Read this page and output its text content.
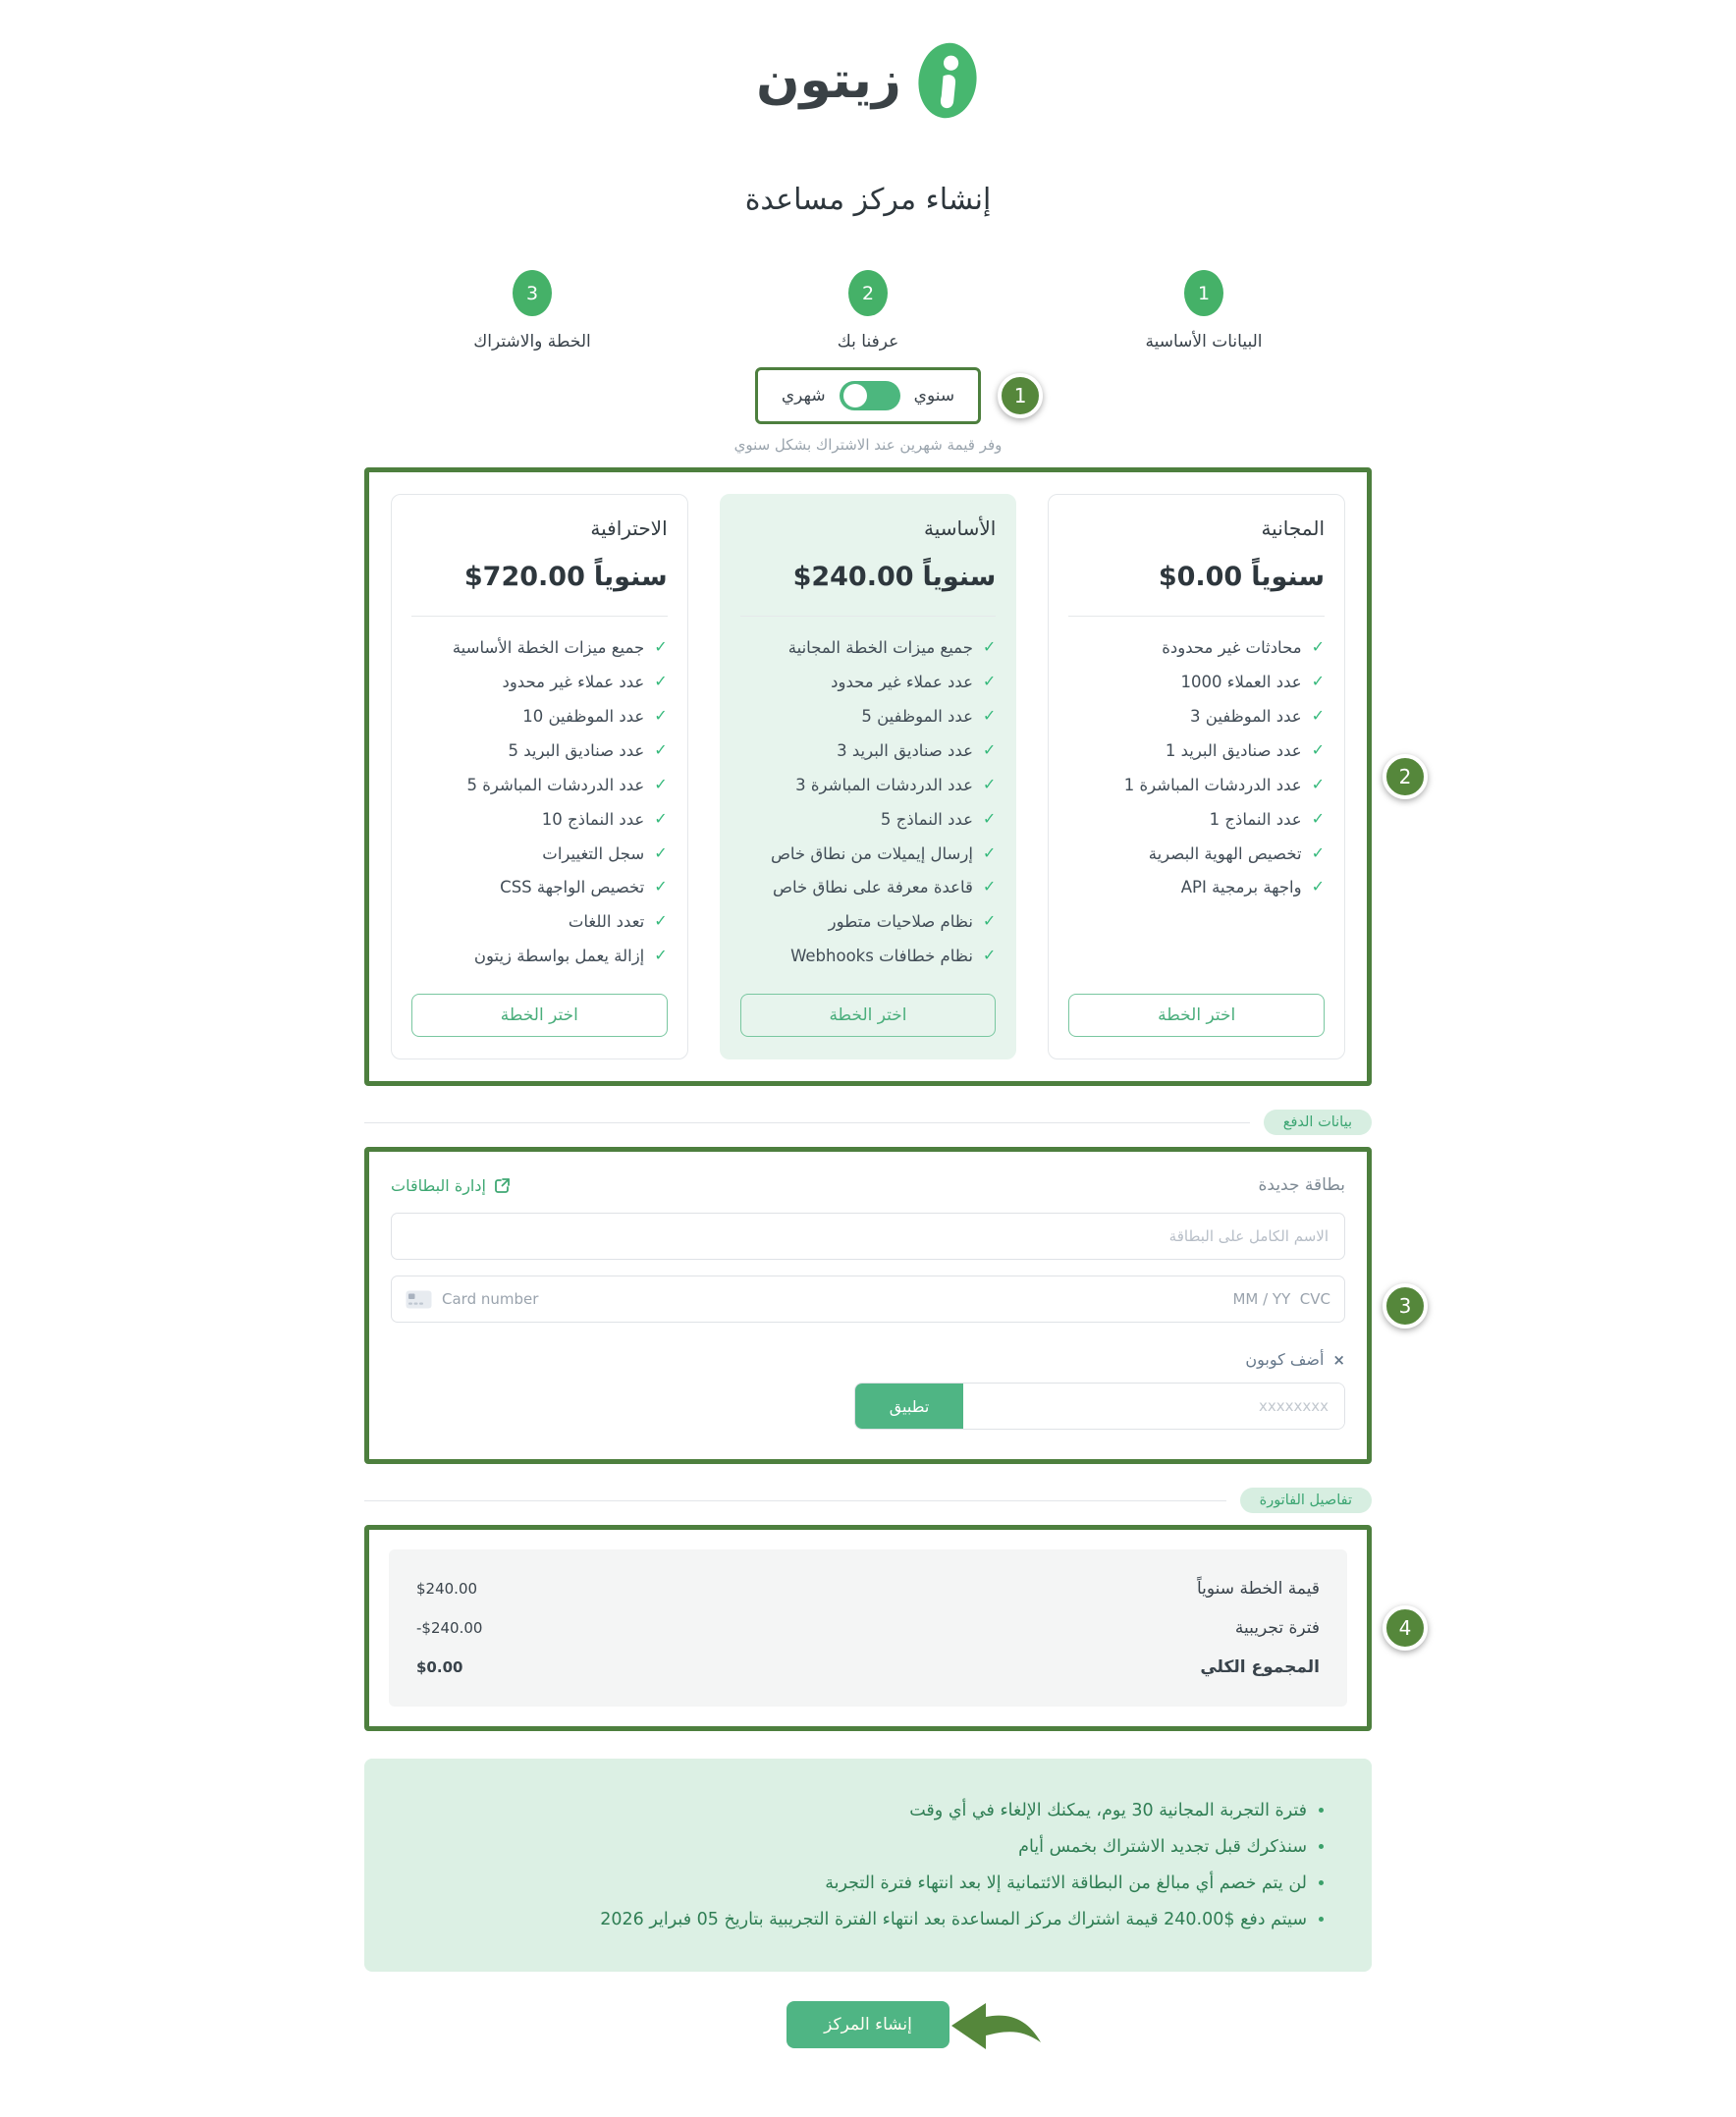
زيتون
إنشاء مركز مساعدة
1
البيانات الأساسية
2
عرفنا بك
3
الخطة والاشتراك
سنوي
شهري	1
وفر قيمة شهرين عند الاشتراك بشكل سنوي
المجانية
سنوياً
$0.00
✓
محادثات غير محدودة
✓
عدد العملاء 1000
✓
عدد الموظفين 3
✓
عدد صناديق البريد 1
✓
عدد الدردشات المباشرة 1
✓
عدد النماذج 1
✓
تخصيص الهوية البصرية
✓
واجهة برمجية API
اختر الخطة
الأساسية
سنوياً
$240.00
✓
جميع ميزات الخطة المجانية
✓
عدد عملاء غير محدود
✓
عدد الموظفين 5
✓
عدد صناديق البريد 3
✓
عدد الدردشات المباشرة 3
✓
عدد النماذج 5
✓
إرسال إيميلات من نطاق خاص
✓
قاعدة معرفة على نطاق خاص
✓
نظام صلاحيات متطور
✓
نظام خطافات Webhooks
اختر الخطة
الاحترافية
سنوياً
$720.00
✓
جميع ميزات الخطة الأساسية
✓
عدد عملاء غير محدود
✓
عدد الموظفين 10
✓
عدد صناديق البريد 5
✓
عدد الدردشات المباشرة 5
✓
عدد النماذج 10
✓
سجل التغييرات
✓
تخصيص الواجهة CSS
✓
تعدد اللغات
✓
إزالة يعمل بواسطة زيتون
اختر الخطة
2
بيانات الدفع
بطاقة جديدة
إدارة البطاقات
الاسم الكامل على البطاقة
Card number
MM / YY CVC
×
أضف كوبون
xxxxxxxx
تطبيق
3
تفاصيل الفاتورة
قيمة الخطة سنوياً
$240.00
فترة تجريبية
-$240.00
المجموع الكلي
$0.00
4
• فترة التجربة المجانية 30 يوم، يمكنك الإلغاء في أي وقت
• سنذكرك قبل تجديد الاشتراك بخمس أيام
• لن يتم خصم أي مبالغ من البطاقة الائتمانية إلا بعد انتهاء فترة التجربة
• سيتم دفع $240.00 قيمة اشتراك مركز المساعدة بعد انتهاء الفترة التجريبية بتاريخ 05 فبراير 2026
إنشاء المركز
